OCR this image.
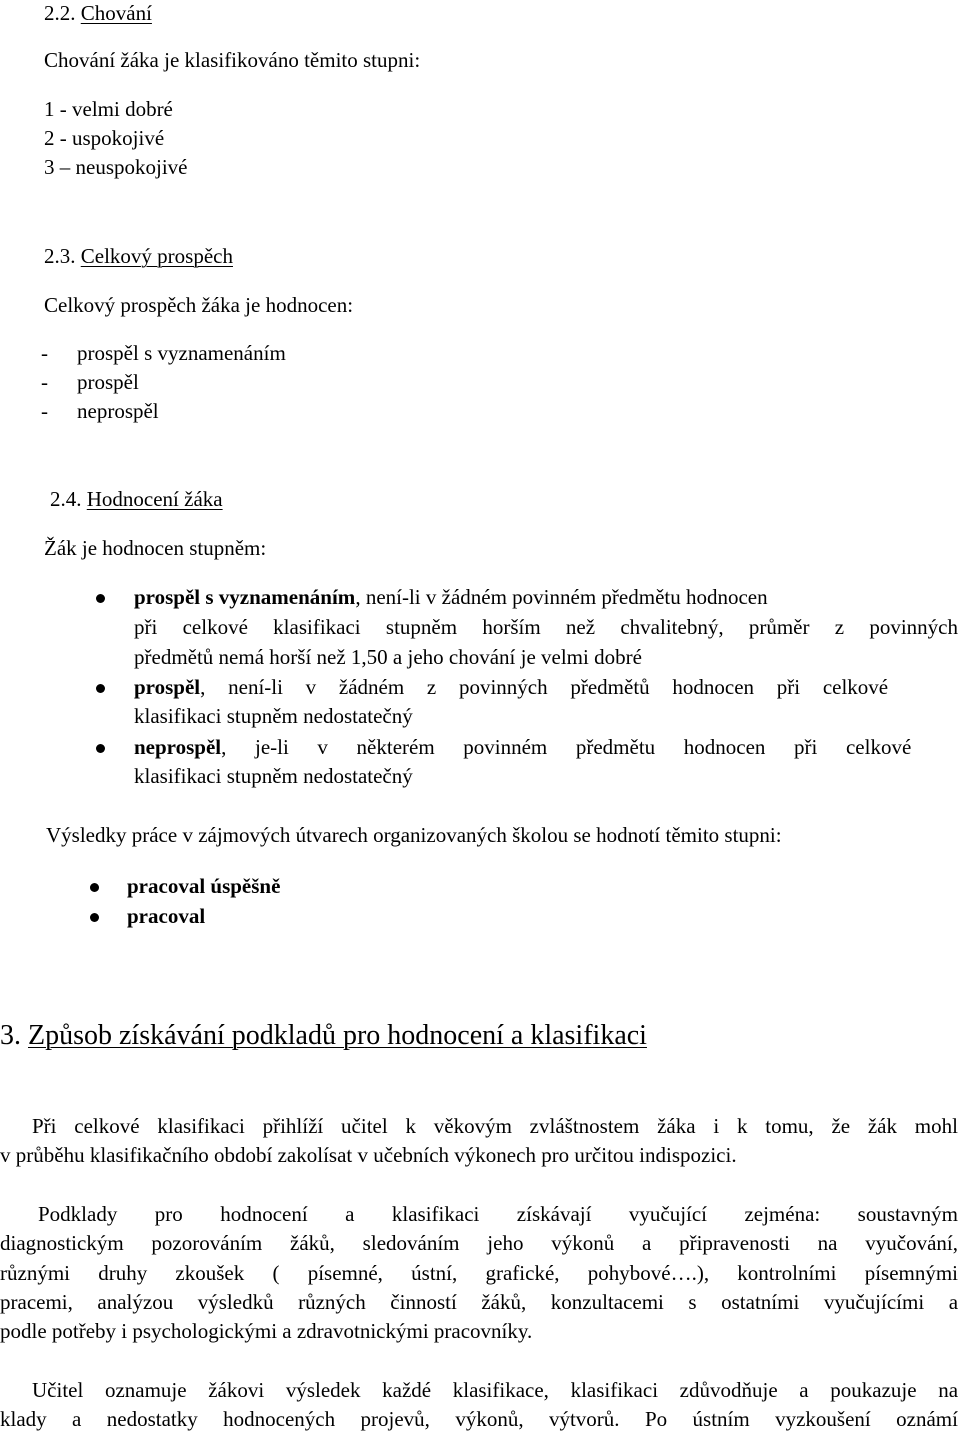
2.2. Chování
Chování žáka je klasifikováno těmito stupni:
1 - velmi dobré
2 - uspokojivé
3 – neuspokojivé
2.3. Celkový prospěch
Celkový prospěch žáka je hodnocen:
- prospěl s vyznamenáním
- prospěl
- neprospěl
2.4. Hodnocení žáka
Žák je hodnocen stupněm:
prospěl s vyznamenáním, není-li v žádném povinném předmětu hodnocen
při celkové klasifikaci stupněm horším než chvalitebný, průměr z povinných
předmětů nemá horší než 1,50 a jeho chování je velmi dobré
prospěl, není-li v žádném z povinných předmětů hodnocen při celkové
klasifikaci stupněm nedostatečný
neprospěl, je-li v některém povinném předmětu hodnocen při celkové
klasifikaci stupněm nedostatečný
Výsledky práce v zájmových útvarech organizovaných školou se hodnotí těmito stupni:
pracoval úspěšně
pracoval
3. Způsob získávání podkladů pro hodnocení a klasifikaci
Při celkové klasifikaci přihlíží učitel k věkovým zvláštnostem žáka i k tomu, že žák mohl
v průběhu klasifikačního období zakolísat v učebních výkonech pro určitou indispozici.
Podklady pro hodnocení a klasifikaci získávají vyučující zejména: soustavným
diagnostickým pozorováním žáků, sledováním jeho výkonů a připravenosti na vyučování,
různými druhy zkoušek ( písemné, ústní, grafické, pohybové….), kontrolními písemnými
pracemi, analýzou výsledků různých činností žáků, konzultacemi s ostatními vyučujícími a
podle potřeby i psychologickými a zdravotnickými pracovníky.
Učitel oznamuje žákovi výsledek každé klasifikace, klasifikaci zdůvodňuje a poukazuje na
klady a nedostatky hodnocených projevů, výkonů, výtvorů. Po ústním vyzkoušení oznámí
